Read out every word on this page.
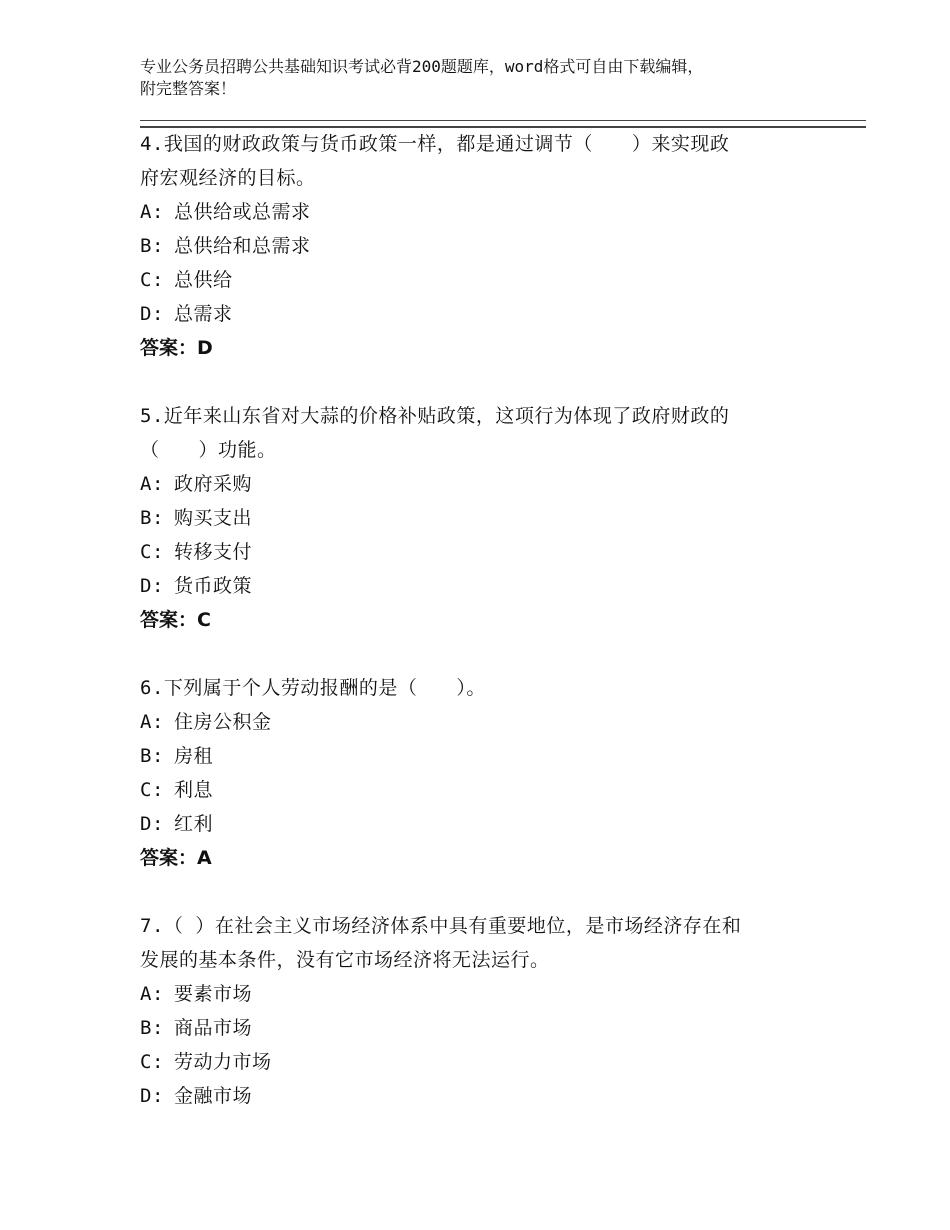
专业公务员招聘公共基础知识考试必背200题题库，word格式可自由下载编辑，
附完整答案！
4.我国的财政政策与货币政策一样，都是通过调节（　　）来实现政
府宏观经济的目标。
A: 总供给或总需求
B: 总供给和总需求
C: 总供给
D: 总需求
答案：D
5.近年来山东省对大蒜的价格补贴政策，这项行为体现了政府财政的
（　　）功能。
A: 政府采购
B: 购买支出
C: 转移支付
D: 货币政策
答案：C
6.下列属于个人劳动报酬的是（　　）。
A: 住房公积金
B: 房租
C: 利息
D: 红利
答案：A
7.（ ）在社会主义市场经济体系中具有重要地位，是市场经济存在和
发展的基本条件，没有它市场经济将无法运行。
A: 要素市场
B: 商品市场
C: 劳动力市场
D: 金融市场
